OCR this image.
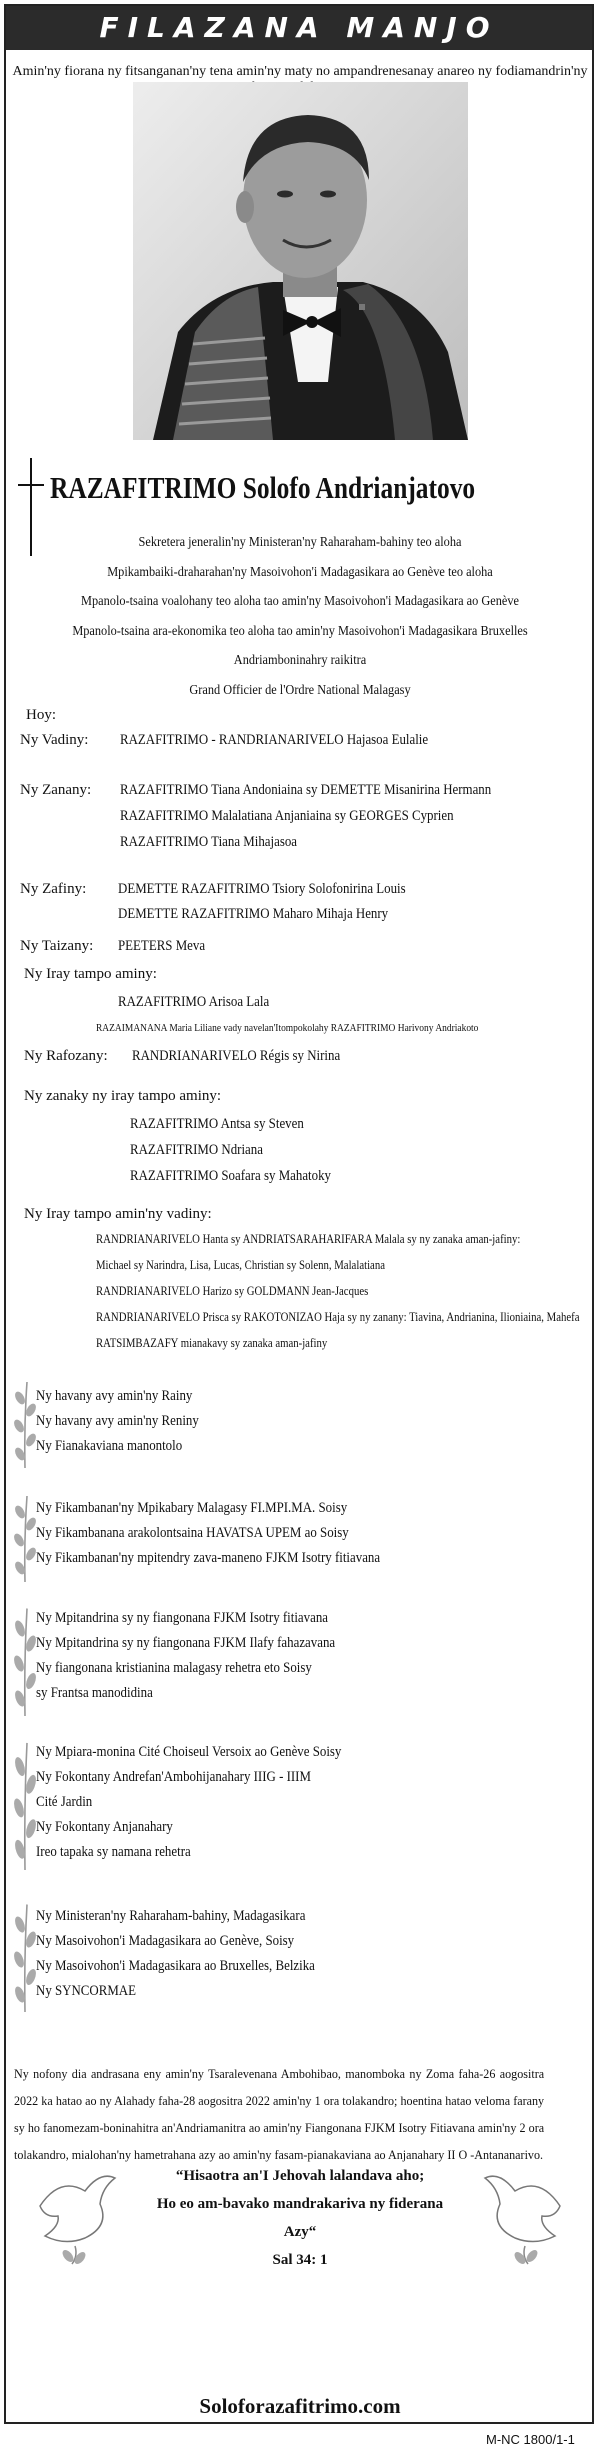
FILAZANA MANJO
Amin'ny fiorana ny fitsanganan'ny tena amin'ny maty no ampandrenesanay anareo ny fodiamandrin'ny
RAZAFITRIMO Solofo Andrianjatovo
Sekretera jeneralin'ny Ministeran'ny Raharaham-bahiny teo aloha
Mpikambaiki-draharahan'ny Masoivohon'i Madagasikara ao Genève teo aloha
Mpanolo-tsaina voalohany teo aloha tao amin'ny Masoivohon'i Madagasikara ao Genève
Mpanolo-tsaina ara-ekonomika teo aloha tao amin'ny Masoivohon'i Madagasikara Bruxelles
Andriamboninahry raikitra
Grand Officier de l'Ordre National Malagasy
Hoy:
Ny Vadiny: RAZAFITRIMO - RANDRIANARIVELO Hajasoa Eulalie
Ny Zanany: RAZAFITRIMO Tiana Andoniaina sy DEMETTE Misanirina Hermann
RAZAFITRIMO Malalatiana Anjaniaina sy GEORGES Cyprien
RAZAFITRIMO Tiana Mihajasoa
Ny Zafiny: DEMETTE RAZAFITRIMO Tsiory Solofonirina Louis
DEMETTE RAZAFITRIMO Maharo Mihaja Henry
Ny Taizany: PEETERS Meva
Ny Iray tampo aminy:
RAZAFITRIMO Arisoa Lala
RAZAIMANANA Maria Liliane vady navelan'Itompokolahy RAZAFITRIMO Harivony Andriakoto
Ny Rafozany: RANDRIANARIVELO Régis sy Nirina
Ny zanaky ny iray tampo aminy:
RAZAFITRIMO Antsa sy Steven
RAZAFITRIMO Ndriana
RAZAFITRIMO Soafara sy Mahatoky
Ny Iray tampo amin'ny vadiny:
RANDRIANARIVELO Hanta sy ANDRIATSARAHARIFARA Malala sy ny zanaka aman-jafiny:
Michael sy Narindra, Lisa, Lucas, Christian sy Solenn, Malalatiana
RANDRIANARIVELO Harizo sy GOLDMANN Jean-Jacques
RANDRIANARIVELO Prisca sy RAKOTONIZAO Haja sy ny zanany: Tiavina, Andrianina, Ilioniaina, Mahefa
RATSIMBAZAFY mianakavy sy zanaka aman-jafiny
Ny havany avy amin'ny Rainy
Ny havany avy amin'ny Reniny
Ny Fianakaviana manontolo
Ny Fikambanan'ny Mpikabary Malagasy FI.MPI.MA. Soisy
Ny Fikambanana arakolontsaina HAVATSA UPEM ao Soisy
Ny Fikambanan'ny mpitendry zava-maneno FJKM Isotry fitiavana
Ny Mpitandrina sy ny fiangonana FJKM Isotry fitiavana
Ny Mpitandrina sy ny fiangonana FJKM Ilafy fahazavana
Ny fiangonana kristianina malagasy rehetra eto Soisy
sy Frantsa manodidina
Ny Mpiara-monina Cité Choiseul Versoix ao Genève Soisy
Ny Fokontany Andrefan'Ambohijanahary IIIG - IIIM
Cité Jardin
Ny Fokontany Anjanahary
Ireo tapaka sy namana rehetra
Ny Ministeran'ny Raharaham-bahiny, Madagasikara
Ny Masoivohon'i Madagasikara ao Genève, Soisy
Ny Masoivohon'i Madagasikara ao Bruxelles, Belzika
Ny SYNCORMAE
Ny nofony dia andrasana eny amin'ny Tsaralevenana Ambohibao, manomboka ny Zoma faha-26 aogositra 2022 ka hatao ao ny Alahady faha-28 aogositra 2022 amin'ny 1 ora tolakandro; hoentina hatao veloma farany sy ho fanomezam-boninahitra an'Andriamanitra ao amin'ny Fiangonana FJKM Isotry Fitiavana amin'ny 2 ora tolakandro, mialohan'ny hametrahana azy ao amin'ny fasam-pianakaviana ao Anjanahary II O -Antananarivo.
“Hisaotra an'I Jehovah lalandava aho;
Ho eo am-bavako mandrakariva ny fiderana Azy“
Sal 34: 1
Soloforazafitrimo.com
M-NC 1800/1-1
